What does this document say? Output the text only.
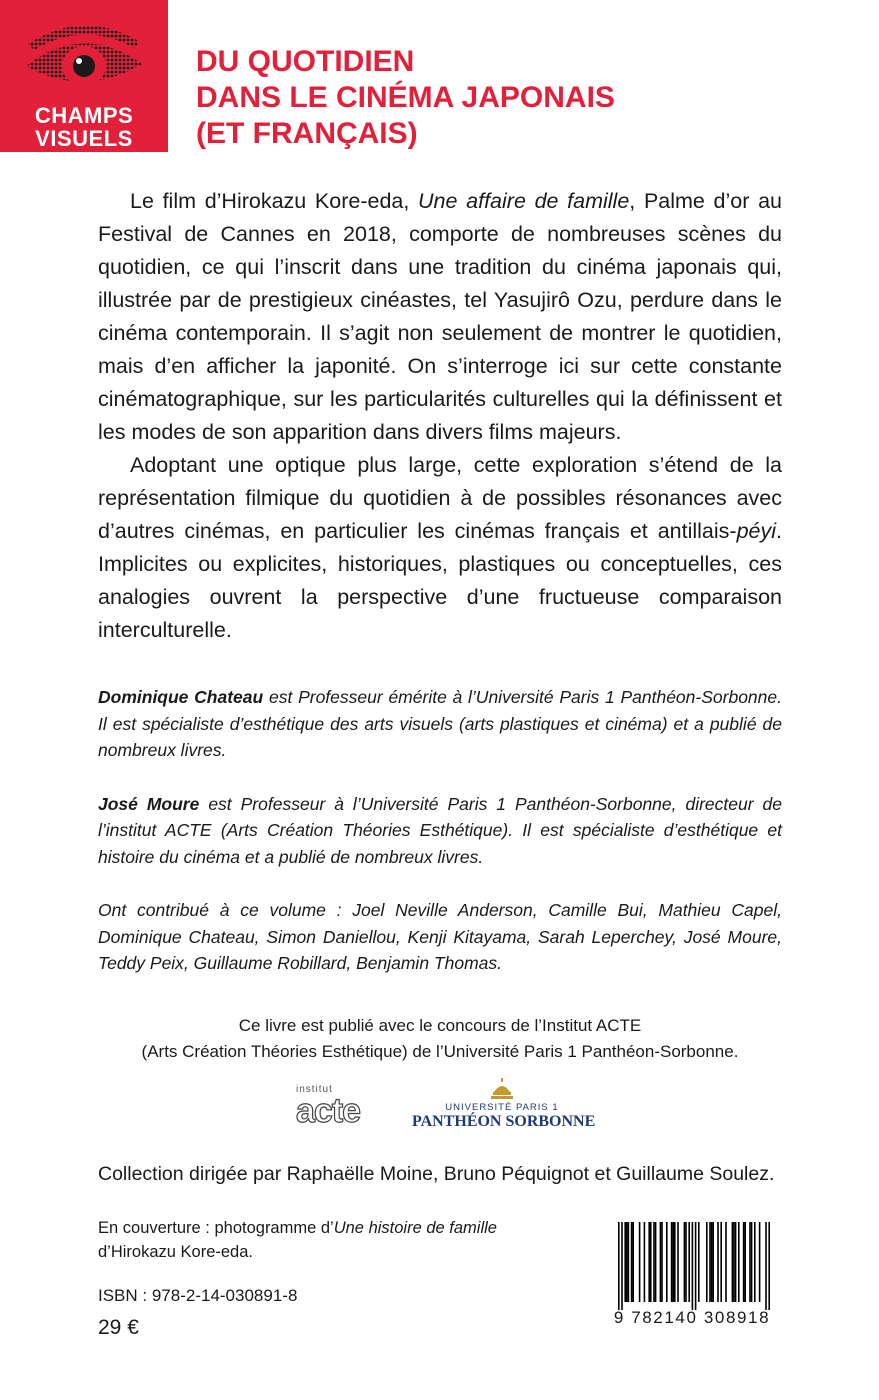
CHAMPS
VISUELS
DU QUOTIDIEN
DANS LE CINÉMA JAPONAIS
(ET FRANÇAIS)

Le film d’Hirokazu Kore-eda, Une affaire de famille, Palme d’or au Festival de Cannes en 2018, comporte de nombreuses scènes du quotidien, ce qui l’inscrit dans une tradition du cinéma japonais qui, illustrée par de prestigieux cinéastes, tel Yasujirô Ozu, perdure dans le cinéma contemporain. Il s’agit non seulement de montrer le quotidien, mais d’en afficher la japonité. On s’interroge ici sur cette constante cinématographique, sur les particularités culturelles qui la définissent et les modes de son apparition dans divers films majeurs.

Adoptant une optique plus large, cette exploration s’étend de la représentation filmique du quotidien à de possibles résonances avec d’autres cinémas, en particulier les cinémas français et antillais-péyi. Implicites ou explicites, historiques, plastiques ou conceptuelles, ces analogies ouvrent la perspective d’une fructueuse comparaison interculturelle.

Dominique Chateau est Professeur émérite à l’Université Paris 1 Panthéon-Sorbonne. Il est spécialiste d’esthétique des arts visuels (arts plastiques et cinéma) et a publié de nombreux livres.

José Moure est Professeur à l’Université Paris 1 Panthéon-Sorbonne, directeur de l’institut ACTE (Arts Création Théories Esthétique). Il est spécialiste d’esthétique et histoire du cinéma et a publié de nombreux livres.

Ont contribué à ce volume : Joel Neville Anderson, Camille Bui, Mathieu Capel, Dominique Chateau, Simon Daniellou, Kenji Kitayama, Sarah Leperchey, José Moure, Teddy Peix, Guillaume Robillard, Benjamin Thomas.

Ce livre est publié avec le concours de l’Institut ACTE
(Arts Création Théories Esthétique) de l’Université Paris 1 Panthéon-Sorbonne.
institut
acte	UNIVERSITÉ PARIS 1
PANTHÉON SORBONNE
Collection dirigée par Raphaëlle Moine, Bruno Péquignot et Guillaume Soulez.
En couverture : photogramme d’Une histoire de famille
d’Hirokazu Kore-eda.
ISBN : 978-2-14-030891-8
29 €	9 782140 308918
